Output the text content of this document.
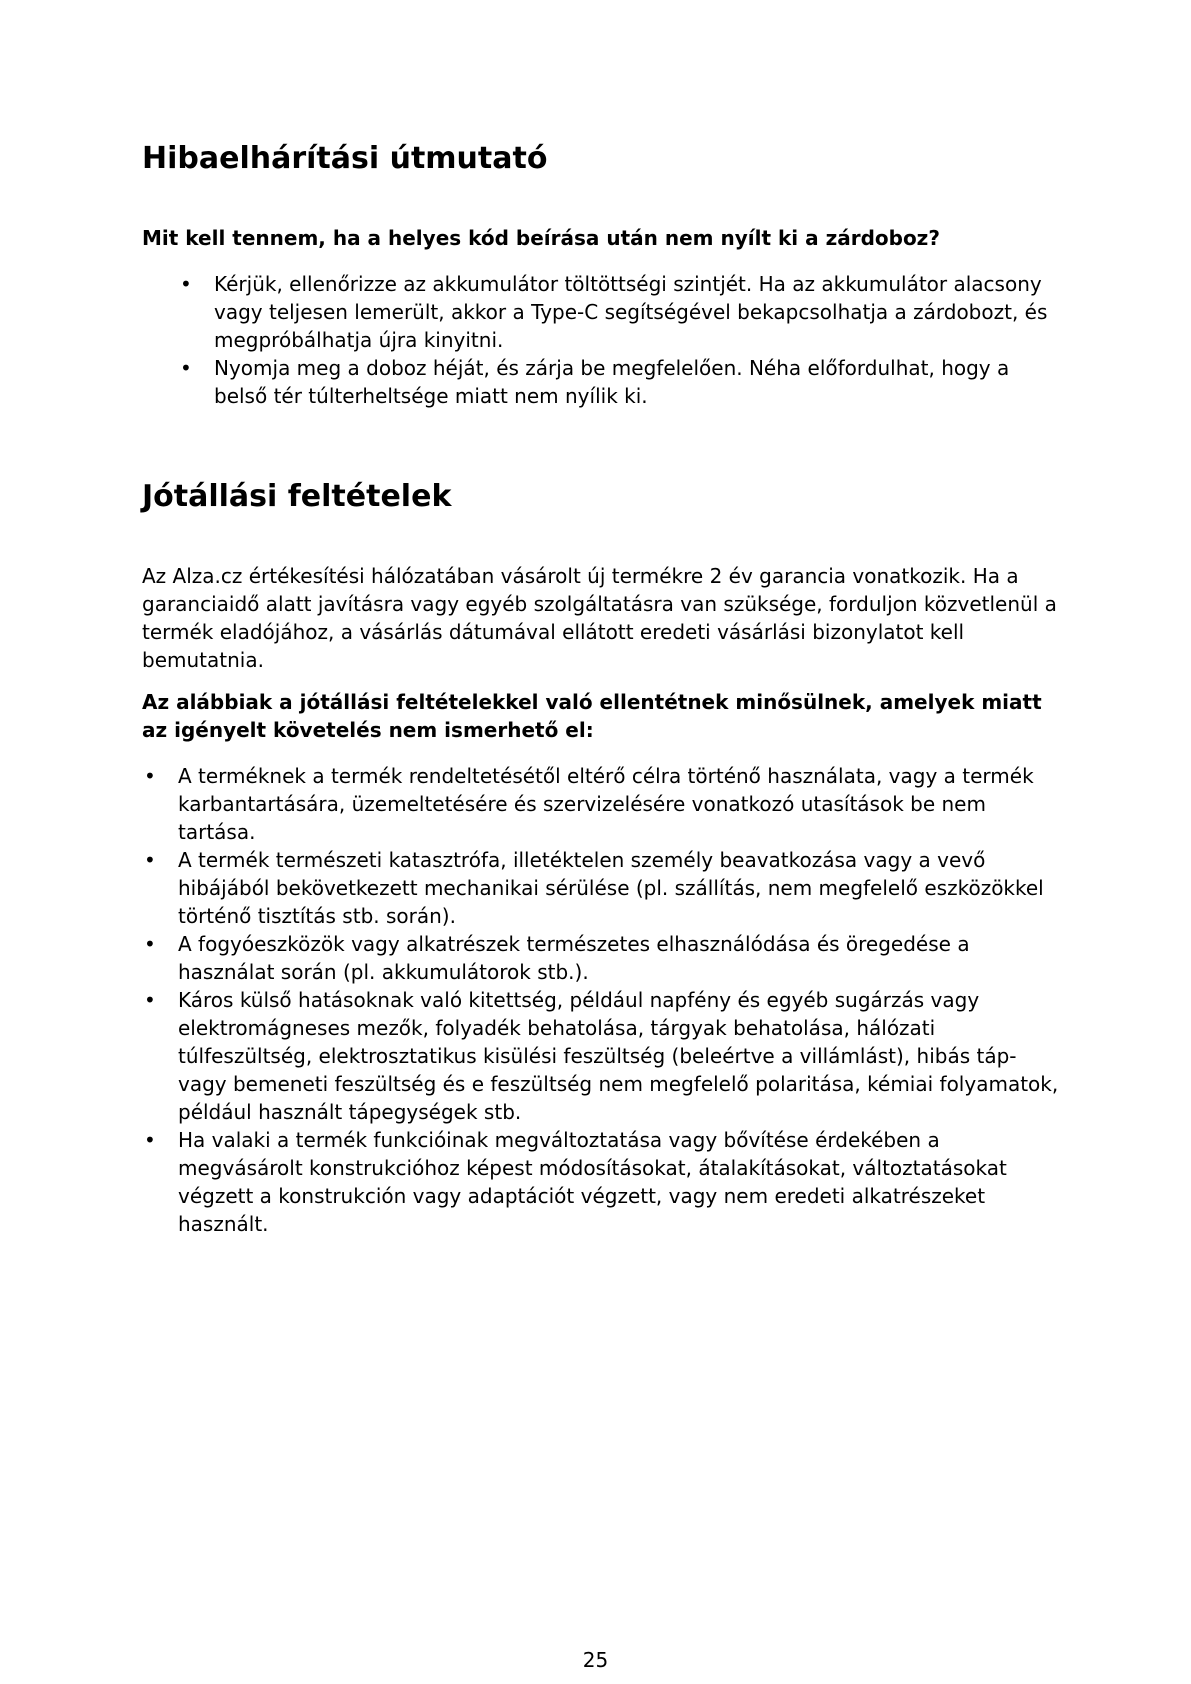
Hibaelhárítási útmutató

Mit kell tennem, ha a helyes kód beírása után nem nyílt ki a zárdoboz?

• Kérjük, ellenőrizze az akkumulátor töltöttségi szintjét. Ha az akkumulátor alacsony vagy teljesen lemerült, akkor a Type-C segítségével bekapcsolhatja a zárdobozt, és megpróbálhatja újra kinyitni.
• Nyomja meg a doboz héját, és zárja be megfelelően. Néha előfordulhat, hogy a belső tér túlterheltsége miatt nem nyílik ki.
Jótállási feltételek

Az Alza.cz értékesítési hálózatában vásárolt új termékre 2 év garancia vonatkozik. Ha a garanciaidő alatt javításra vagy egyéb szolgáltatásra van szüksége, forduljon közvetlenül a termék eladójához, a vásárlás dátumával ellátott eredeti vásárlási bizonylatot kell bemutatnia.

Az alábbiak a jótállási feltételekkel való ellentétnek minősülnek, amelyek miatt az igényelt követelés nem ismerhető el:

• A terméknek a termék rendeltetésétől eltérő célra történő használata, vagy a termék karbantartására, üzemeltetésére és szervizelésére vonatkozó utasítások be nem tartása.
• A termék természeti katasztrófa, illetéktelen személy beavatkozása vagy a vevő hibájából bekövetkezett mechanikai sérülése (pl. szállítás, nem megfelelő eszközökkel történő tisztítás stb. során).
• A fogyóeszközök vagy alkatrészek természetes elhasználódása és öregedése a használat során (pl. akkumulátorok stb.).
• Káros külső hatásoknak való kitettség, például napfény és egyéb sugárzás vagy elektromágneses mezők, folyadék behatolása, tárgyak behatolása, hálózati túlfeszültség, elektrosztatikus kisülési feszültség (beleértve a villámlást), hibás táp- vagy bemeneti feszültség és e feszültség nem megfelelő polaritása, kémiai folyamatok, például használt tápegységek stb.
• Ha valaki a termék funkcióinak megváltoztatása vagy bővítése érdekében a megvásárolt konstrukcióhoz képest módosításokat, átalakításokat, változtatásokat végzett a konstrukción vagy adaptációt végzett, vagy nem eredeti alkatrészeket használt.
25
